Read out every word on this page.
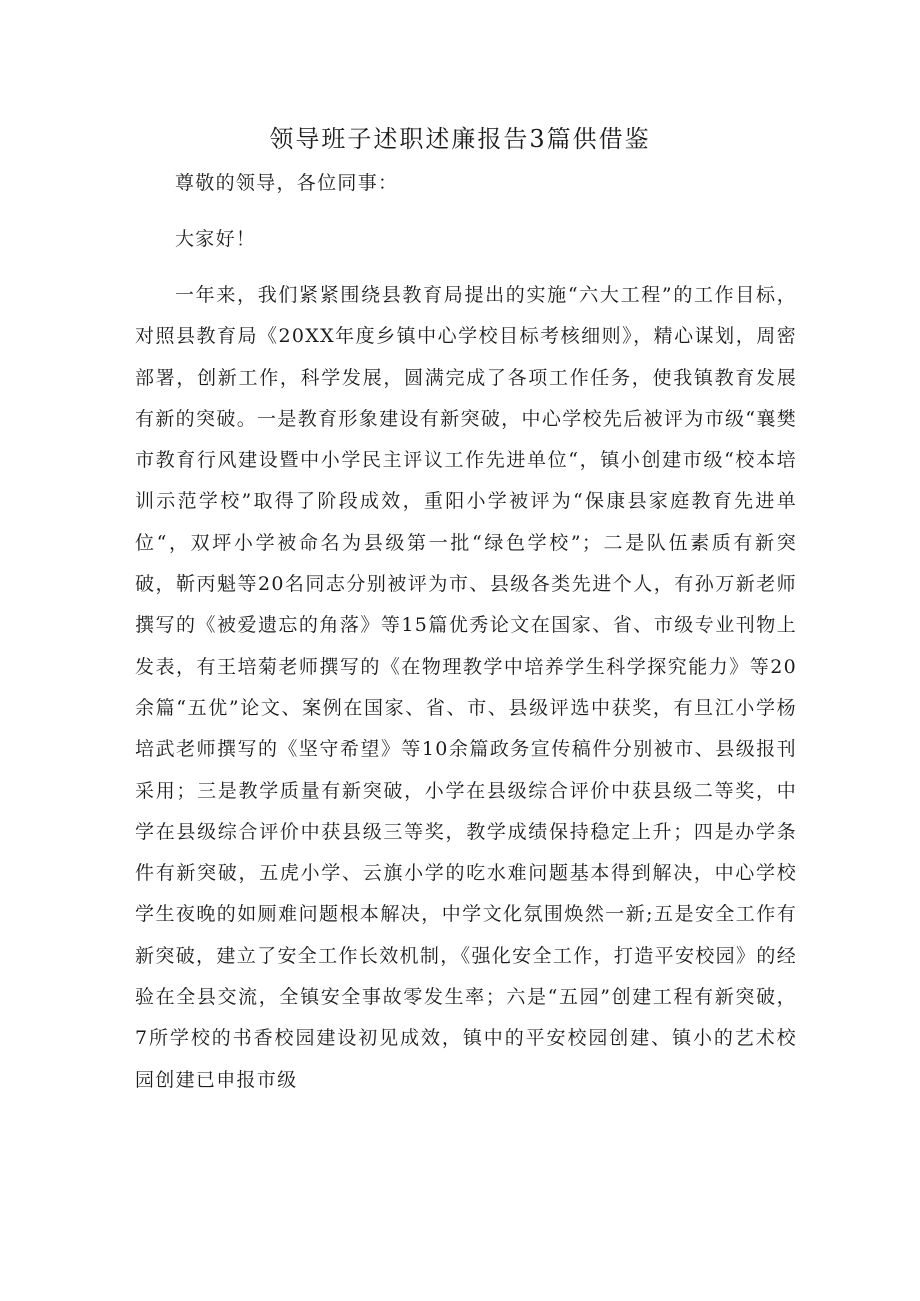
领导班子述职述廉报告3篇供借鉴

尊敬的领导，各位同事：

大家好！

一年来，我们紧紧围绕县教育局提出的实施“六大工程”的工作目标，对照县教育局《20XX年度乡镇中心学校目标考核细则》，精心谋划，周密部署，创新工作，科学发展，圆满完成了各项工作任务，使我镇教育发展有新的突破。一是教育形象建设有新突破，中心学校先后被评为市级“襄樊市教育行风建设暨中小学民主评议工作先进单位“，镇小创建市级“校本培训示范学校”取得了阶段成效，重阳小学被评为“保康县家庭教育先进单位“，双坪小学被命名为县级第一批“绿色学校”；二是队伍素质有新突破，靳丙魁等20名同志分别被评为市、县级各类先进个人，有孙万新老师撰写的《被爱遗忘的角落》等15篇优秀论文在国家、省、市级专业刊物上发表，有王培菊老师撰写的《在物理教学中培养学生科学探究能力》等20余篇“五优”论文、案例在国家、省、市、县级评选中获奖，有旦江小学杨培武老师撰写的《坚守希望》等10余篇政务宣传稿件分别被市、县级报刊采用；三是教学质量有新突破，小学在县级综合评价中获县级二等奖，中学在县级综合评价中获县级三等奖，教学成绩保持稳定上升；四是办学条件有新突破，五虎小学、云旗小学的吃水难问题基本得到解决，中心学校学生夜晚的如厕难问题根本解决，中学文化氛围焕然一新;五是安全工作有新突破，建立了安全工作长效机制，《强化安全工作，打造平安校园》的经验在全县交流，全镇安全事故零发生率；六是“五园”创建工程有新突破，7所学校的书香校园建设初见成效，镇中的平安校园创建、镇小的艺术校园创建已申报市级
